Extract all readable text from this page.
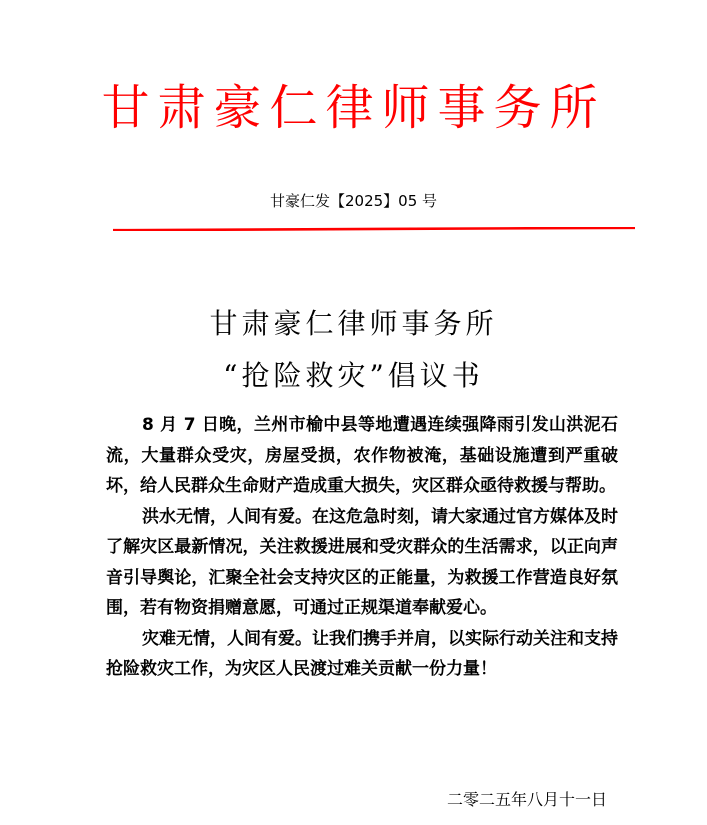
甘肃豪仁律师事务所
甘豪仁发【2025】05 号
甘肃豪仁律师事务所
“抢险救灾”倡议书

8 月 7 日晚，兰州市榆中县等地遭遇连续强降雨引发山洪泥石流，大量群众受灾，房屋受损，农作物被淹，基础设施遭到严重破坏，给人民群众生命财产造成重大损失，灾区群众亟待救援与帮助。

洪水无情，人间有爱。在这危急时刻，请大家通过官方媒体及时了解灾区最新情况，关注救援进展和受灾群众的生活需求，以正向声音引导舆论，汇聚全社会支持灾区的正能量，为救援工作营造良好氛围，若有物资捐赠意愿，可通过正规渠道奉献爱心。

灾难无情，人间有爱。让我们携手并肩，以实际行动关注和支持抢险救灾工作，为灾区人民渡过难关贡献一份力量！

二零二五年八月十一日
